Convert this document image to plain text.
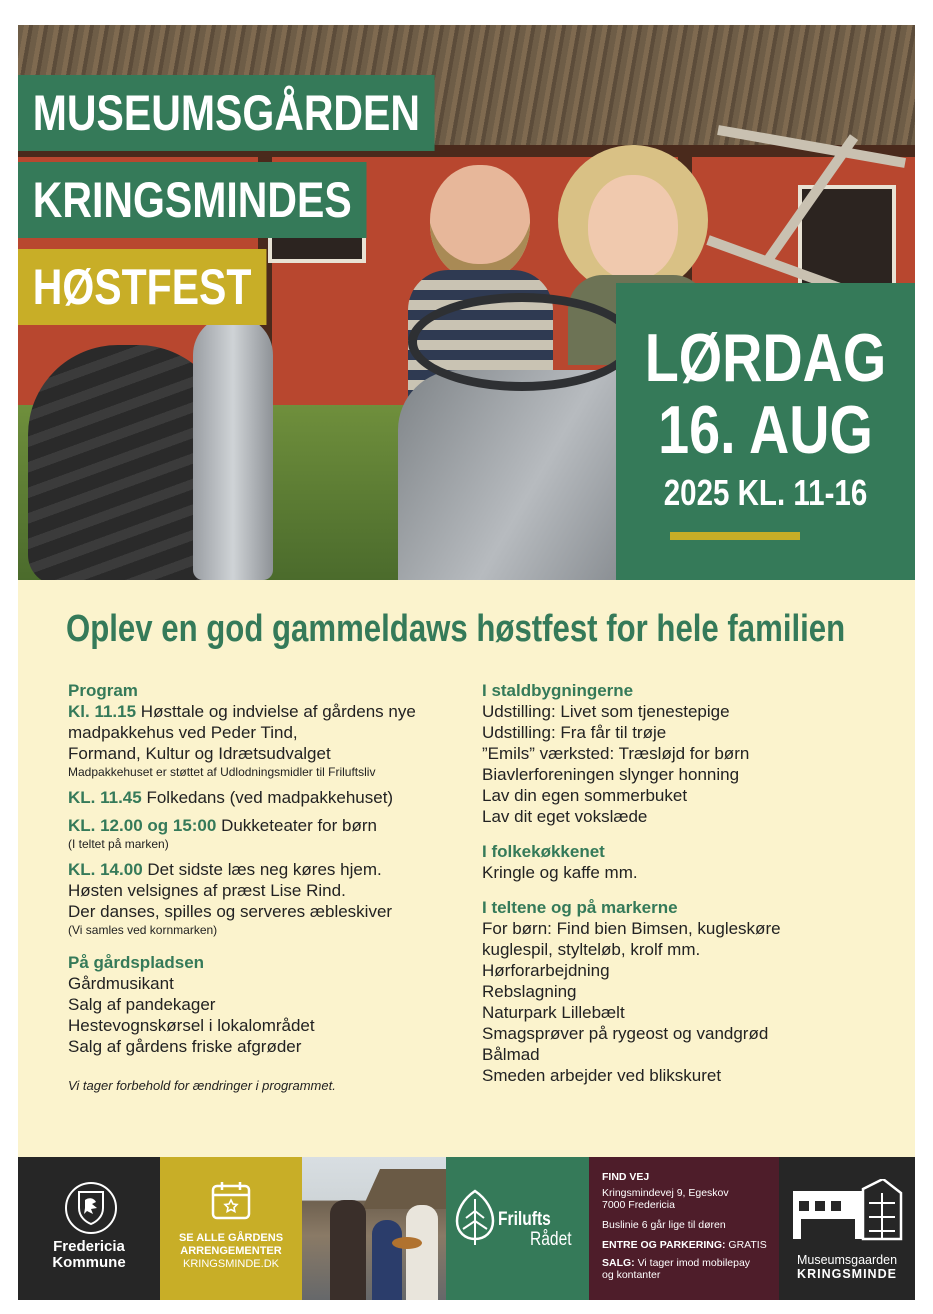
MUSEUMSGÅRDEN
KRINGSMINDES
HØSTFEST
LØRDAG
16. AUG
2025 KL. 11-16
Oplev en god gammeldaws høstfest for hele familien
Program
Kl. 11.15 Høsttale og indvielse af gårdens nye
madpakkehus ved Peder Tind,
Formand, Kultur og Idrætsudvalget
Madpakkehuset er støttet af Udlodningsmidler til Friluftsliv
KL. 11.45 Folkedans (ved madpakkehuset)
KL. 12.00 og 15:00 Dukketeater for børn
(I teltet på marken)
KL. 14.00 Det sidste læs neg køres hjem.
Høsten velsignes af præst Lise Rind.
Der danses, spilles og serveres æbleskiver
(Vi samles ved kornmarken)
På gårdspladsen
Gårdmusikant
Salg af pandekager
Hestevognskørsel i lokalområdet
Salg af gårdens friske afgrøder
Vi tager forbehold for ændringer i programmet.
I staldbygningerne
Udstilling: Livet som tjenestepige
Udstilling: Fra får til trøje
”Emils” værksted: Træsløjd for børn
Biavlerforeningen slynger honning
Lav din egen sommerbuket
Lav dit eget vokslæde
I folkekøkkenet
Kringle og kaffe mm.
I teltene og på markerne
For børn: Find bien Bimsen, kugleskøre
kuglespil, stylteløb, krolf mm.
Hørforarbejdning
Rebslagning
Naturpark Lillebælt
Smagsprøver på rygeost og vandgrød
Bålmad
Smeden arbejder ved blikskuret
Fredericia
Kommune
SE ALLE GÅRDENS
ARRENGEMENTER
KRINGSMINDE.DK
Frilufts
Rådet
FIND VEJ
Kringsmindevej 9, Egeskov
7000 Fredericia
Buslinie 6 går lige til døren
ENTRE OG PARKERING: GRATIS
SALG: Vi tager imod mobilepay
og kontanter
Museumsgaarden
KRINGSMINDE
